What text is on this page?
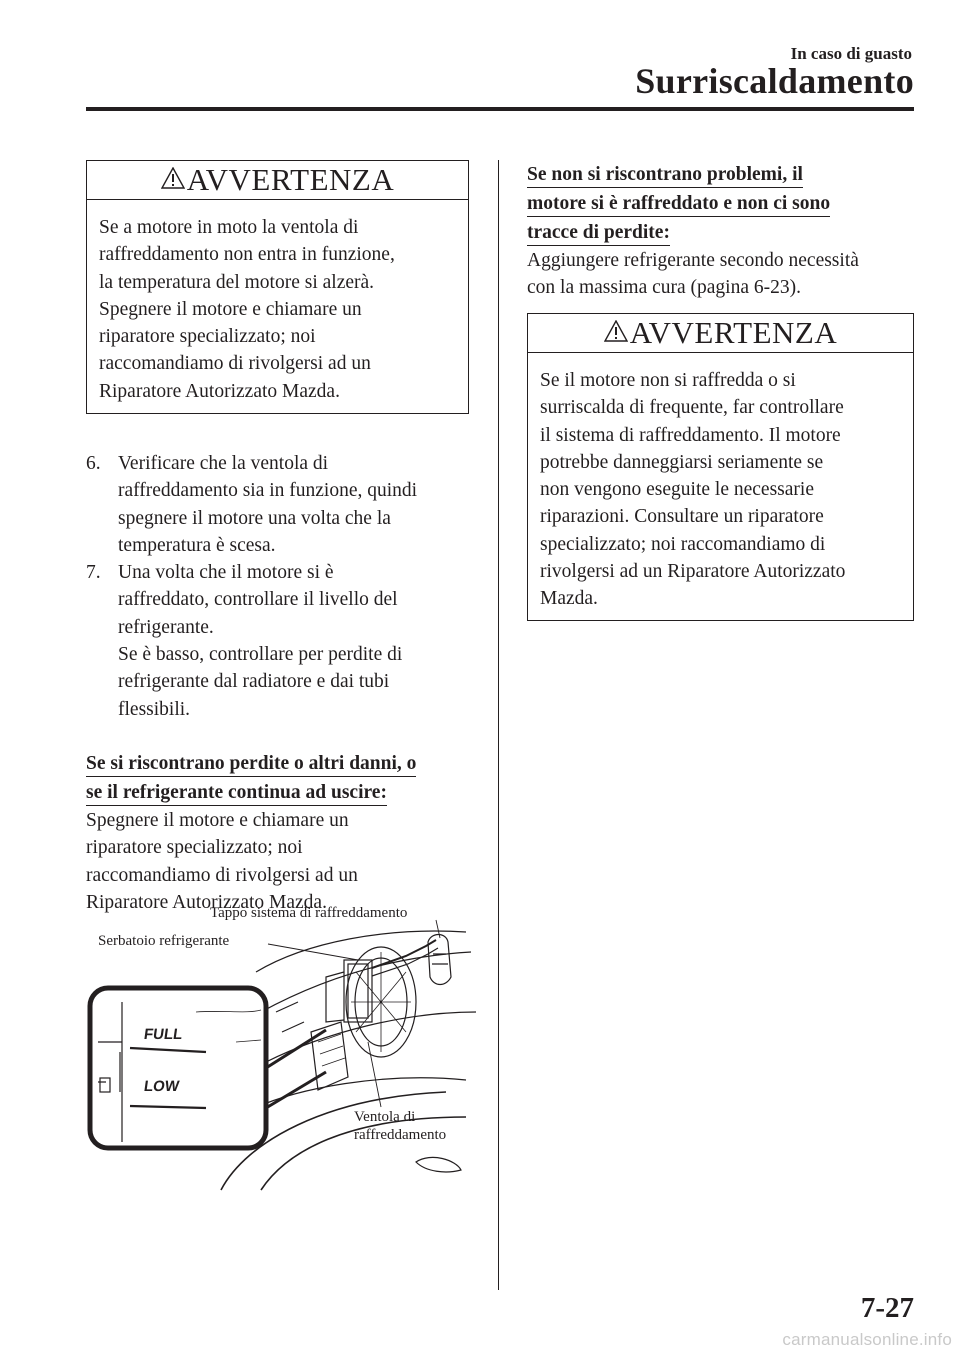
In caso di guasto
Surriscaldamento
AVVERTENZA
Se a motore in moto la ventola di
raffreddamento non entra in funzione,
la temperatura del motore si alzerà.
Spegnere il motore e chiamare un
riparatore specializzato; noi
raccomandiamo di rivolgersi ad un
Riparatore Autorizzato Mazda.
6. Verificare che la ventola di
raffreddamento sia in funzione, quindi
spegnere il motore una volta che la
temperatura è scesa.
7. Una volta che il motore si è
raffreddato, controllare il livello del
refrigerante.
Se è basso, controllare per perdite di
refrigerante dal radiatore e dai tubi
flessibili.
Se si riscontrano perdite o altri danni, o
se il refrigerante continua ad uscire:
Spegnere il motore e chiamare un
riparatore specializzato; noi
raccomandiamo di rivolgersi ad un
Riparatore Autorizzato Mazda.
Tappo sistema di raffreddamento
Serbatoio refrigerante
Ventola di
raffreddamento
FULL
LOW
Se non si riscontrano problemi, il
motore si è raffreddato e non ci sono
tracce di perdite:
Aggiungere refrigerante secondo necessità
con la massima cura (pagina 6-23).
AVVERTENZA
Se il motore non si raffredda o si
surriscalda di frequente, far controllare
il sistema di raffreddamento. Il motore
potrebbe danneggiarsi seriamente se
non vengono eseguite le necessarie
riparazioni. Consultare un riparatore
specializzato; noi raccomandiamo di
rivolgersi ad un Riparatore Autorizzato
Mazda.
7-27
carmanualsonline.info
